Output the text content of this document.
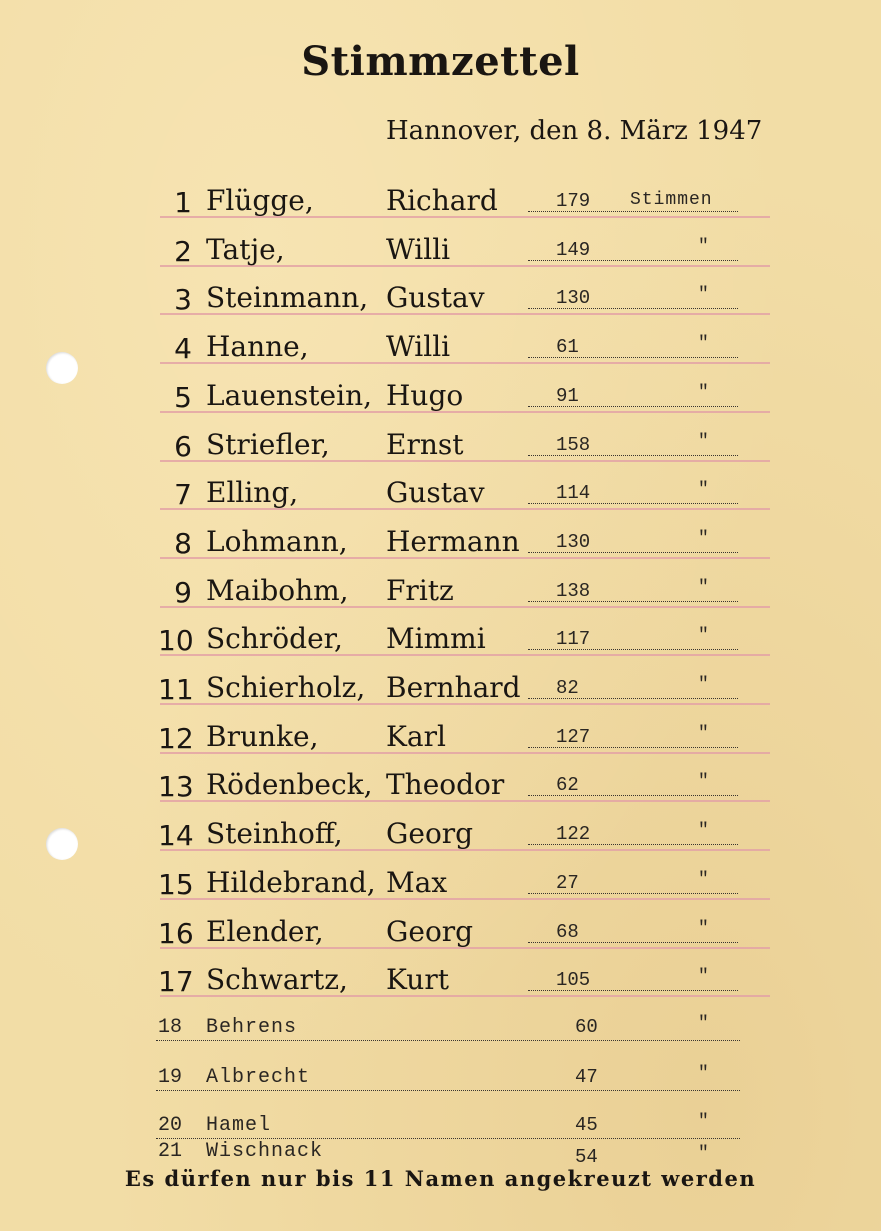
Stimmzettel
Hannover, den 8. März 1947
1 Flügge,	Richard	179 Stimmen
2 Tatje,	Willi	149	"
3 Steinmann, Gustav	130	"
4 Hanne,	Willi	61	"
5 Lauenstein, Hugo	91	"
6 Striefler, Ernst	158	"
7 Elling,	Gustav	114	"
8 Lohmann, Hermann 130	"
9 Maibohm, Fritz	138	"
10 Schröder, Mimmi	117	"
11 Schierholz, Bernhard 82	"
12 Brunke, Karl	127	"
13 Rödenbeck, Theodor	62	"
14 Steinhoff, Georg	122	"
15 Hildebrand, Max	27	"
16 Elender, Georg	68	"
17 Schwartz, Kurt	105	"
18 Behrens	60	"
19 Albrecht	47	"
20 Hamel	45	"
21 Wischnack	54	"
Es dürfen nur bis 11 Namen angekreuzt werden
